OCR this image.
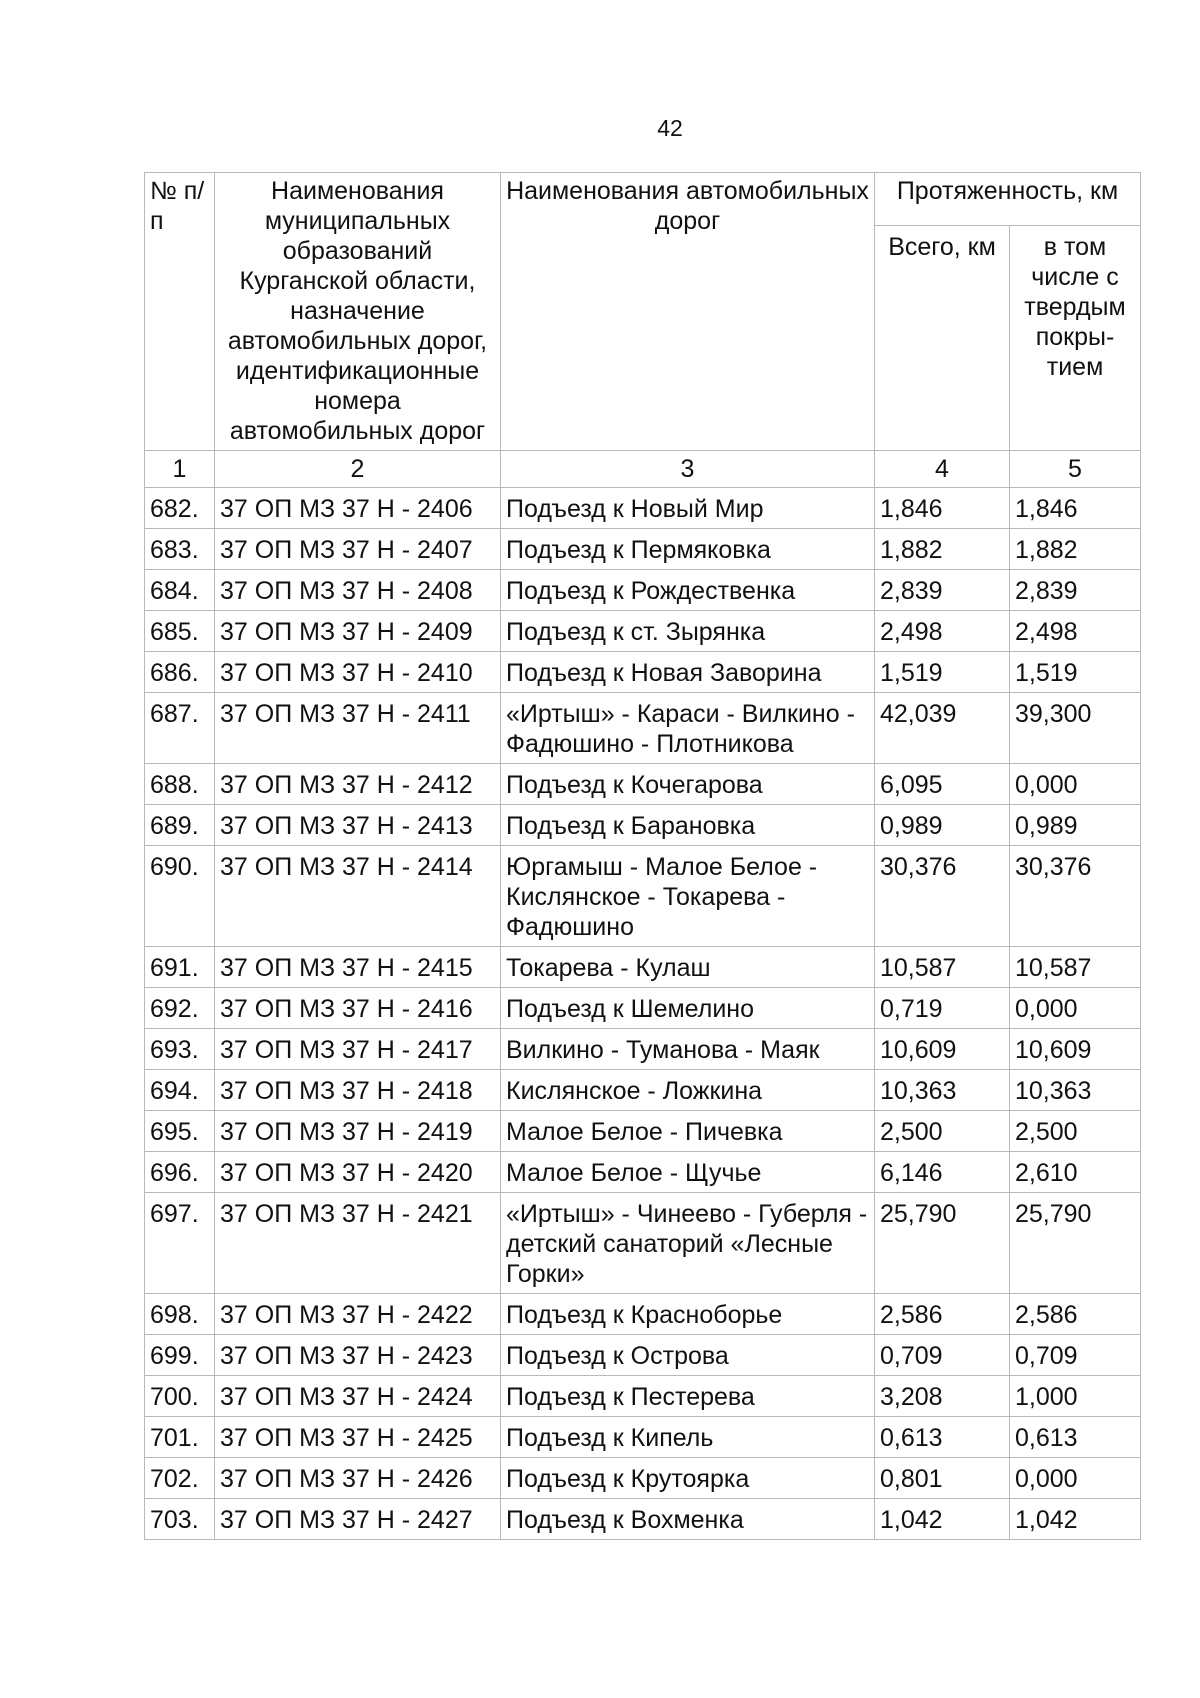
42
№ п/п	Наименования муниципальных образований Курганской области, назначение автомобильных дорог, идентификационные номера автомобильных дорог	Наименования автомобильных дорог	Протяженность, км	
			Всего, км	в том числе с твердым покры-тием
1	2	3	4	5
682.	37 ОП МЗ 37 Н - 2406	Подъезд к Новый Мир	1,846	1,846
683.	37 ОП МЗ 37 Н - 2407	Подъезд к Пермяковка	1,882	1,882
684.	37 ОП МЗ 37 Н - 2408	Подъезд к Рождественка	2,839	2,839
685.	37 ОП МЗ 37 Н - 2409	Подъезд к ст. Зырянка	2,498	2,498
686.	37 ОП МЗ 37 Н - 2410	Подъезд к Новая Заворина	1,519	1,519
687.	37 ОП МЗ 37 Н - 2411	«Иртыш» - Караси - Вилкино - Фадюшино - Плотникова	42,039	39,300
688.	37 ОП МЗ 37 Н - 2412	Подъезд к Кочегарова	6,095	0,000
689.	37 ОП МЗ 37 Н - 2413	Подъезд к Барановка	0,989	0,989
690.	37 ОП МЗ 37 Н - 2414	Юргамыш - Малое Белое - Кислянское - Токарева - Фадюшино	30,376	30,376
691.	37 ОП МЗ 37 Н - 2415	Токарева - Кулаш	10,587	10,587
692.	37 ОП МЗ 37 Н - 2416	Подъезд к Шемелино	0,719	0,000
693.	37 ОП МЗ 37 Н - 2417	Вилкино - Туманова - Маяк	10,609	10,609
694.	37 ОП МЗ 37 Н - 2418	Кислянское - Ложкина	10,363	10,363
695.	37 ОП МЗ 37 Н - 2419	Малое Белое - Пичевка	2,500	2,500
696.	37 ОП МЗ 37 Н - 2420	Малое Белое - Щучье	6,146	2,610
697.	37 ОП МЗ 37 Н - 2421	«Иртыш» - Чинеево - Губерля - детский санаторий «Лесные Горки»	25,790	25,790
698.	37 ОП МЗ 37 Н - 2422	Подъезд к Красноборье	2,586	2,586
699.	37 ОП МЗ 37 Н - 2423	Подъезд к Острова	0,709	0,709
700.	37 ОП МЗ 37 Н - 2424	Подъезд к Пестерева	3,208	1,000
701.	37 ОП МЗ 37 Н - 2425	Подъезд к Кипель	0,613	0,613
702.	37 ОП МЗ 37 Н - 2426	Подъезд к Крутоярка	0,801	0,000
703.	37 ОП МЗ 37 Н - 2427	Подъезд к Вохменка	1,042	1,042
